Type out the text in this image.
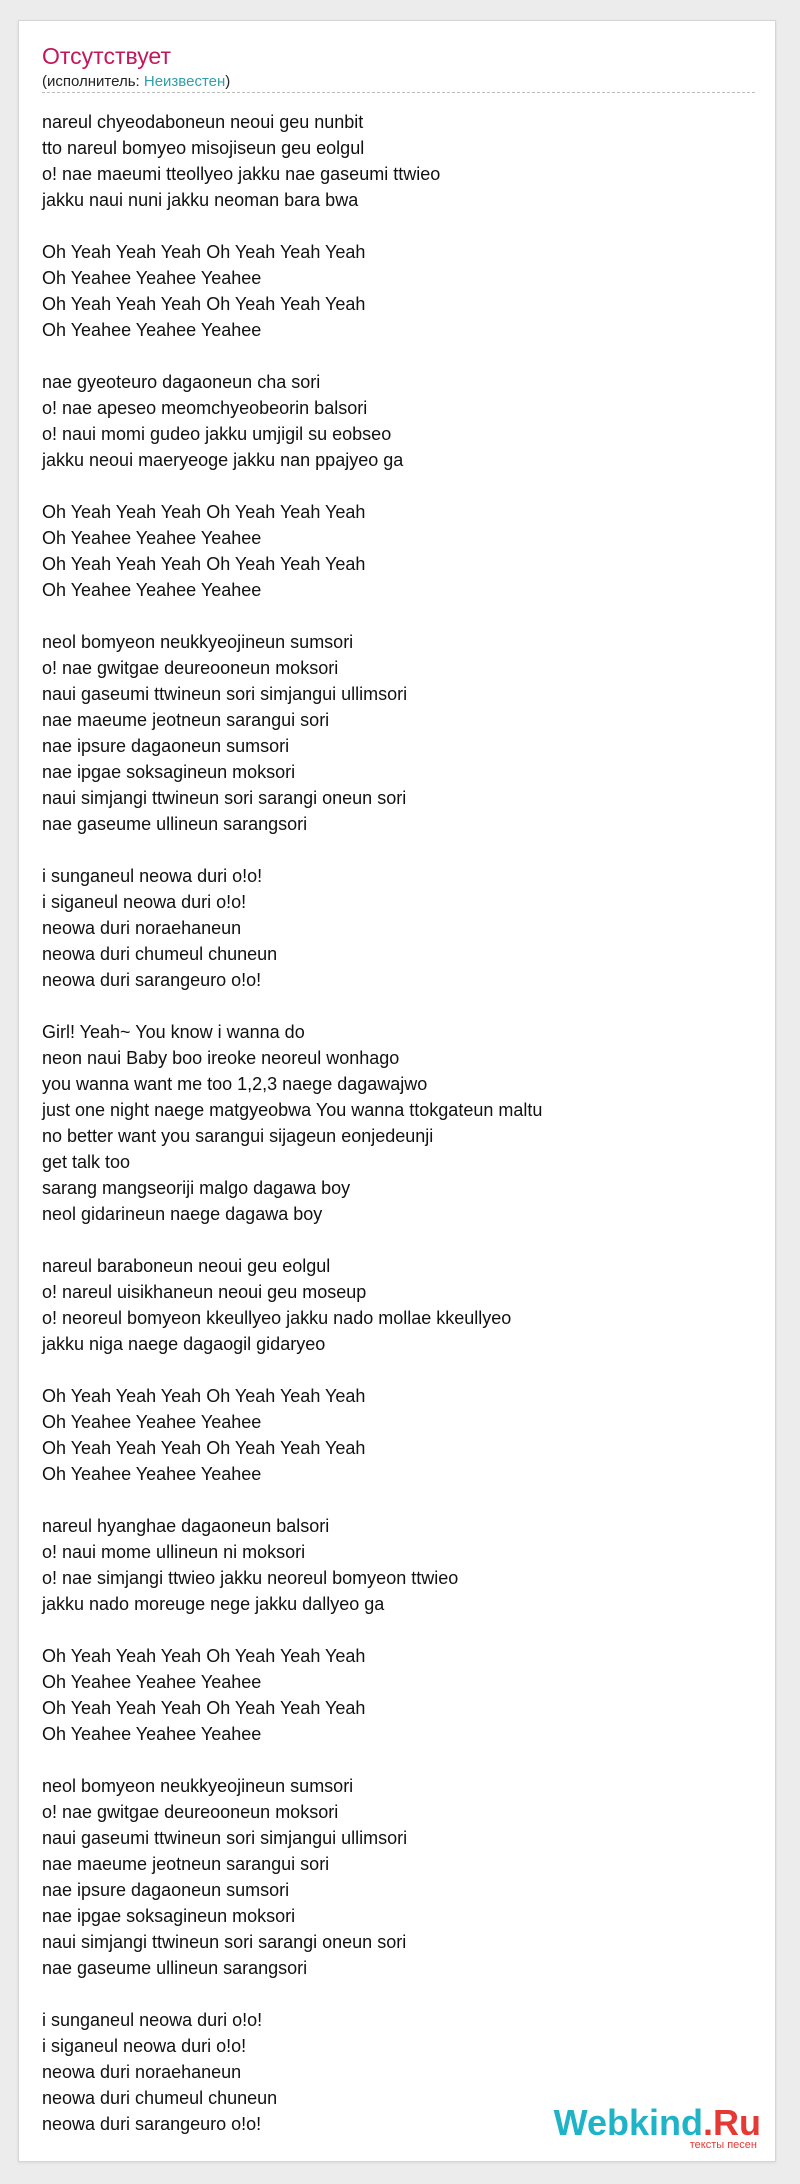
Отсутствует
(исполнитель: Неизвестен)
nareul chyeodaboneun neoui geu nunbit
tto nareul bomyeo misojiseun geu eolgul
o! nae maeumi tteollyeo jakku nae gaseumi ttwieo
jakku naui nuni jakku neoman bara bwa
Oh Yeah Yeah Yeah Oh Yeah Yeah Yeah
Oh Yeahee Yeahee Yeahee
Oh Yeah Yeah Yeah Oh Yeah Yeah Yeah
Oh Yeahee Yeahee Yeahee
nae gyeoteuro dagaoneun cha sori
o! nae apeseo meomchyeobeorin balsori
o! naui momi gudeo jakku umjigil su eobseo
jakku neoui maeryeoge jakku nan ppajyeo ga
Oh Yeah Yeah Yeah Oh Yeah Yeah Yeah
Oh Yeahee Yeahee Yeahee
Oh Yeah Yeah Yeah Oh Yeah Yeah Yeah
Oh Yeahee Yeahee Yeahee
neol bomyeon neukkyeojineun sumsori
o! nae gwitgae deureooneun moksori
naui gaseumi ttwineun sori simjangui ullimsori
nae maeume jeotneun sarangui sori
nae ipsure dagaoneun sumsori
nae ipgae soksagineun moksori
naui simjangi ttwineun sori sarangi oneun sori
nae gaseume ullineun sarangsori
i sunganeul neowa duri o!o!
i siganeul neowa duri o!o!
neowa duri noraehaneun
neowa duri chumeul chuneun
neowa duri sarangeuro o!o!
Girl! Yeah~ You know i wanna do
neon naui Baby boo ireoke neoreul wonhago
you wanna want me too 1,2,3 naege dagawajwo
just one night naege matgyeobwa You wanna ttokgateun maltu
no better want you sarangui sijageun eonjedeunji
get talk too
sarang mangseoriji malgo dagawa boy
neol gidarineun naege dagawa boy
nareul baraboneun neoui geu eolgul
o! nareul uisikhaneun neoui geu moseup
o! neoreul bomyeon kkeullyeo jakku nado mollae kkeullyeo
jakku niga naege dagaogil gidaryeo
Oh Yeah Yeah Yeah Oh Yeah Yeah Yeah
Oh Yeahee Yeahee Yeahee
Oh Yeah Yeah Yeah Oh Yeah Yeah Yeah
Oh Yeahee Yeahee Yeahee
nareul hyanghae dagaoneun balsori
o! naui mome ullineun ni moksori
o! nae simjangi ttwieo jakku neoreul bomyeon ttwieo
jakku nado moreuge nege jakku dallyeo ga
Oh Yeah Yeah Yeah Oh Yeah Yeah Yeah
Oh Yeahee Yeahee Yeahee
Oh Yeah Yeah Yeah Oh Yeah Yeah Yeah
Oh Yeahee Yeahee Yeahee
neol bomyeon neukkyeojineun sumsori
o! nae gwitgae deureooneun moksori
naui gaseumi ttwineun sori simjangui ullimsori
nae maeume jeotneun sarangui sori
nae ipsure dagaoneun sumsori
nae ipgae soksagineun moksori
naui simjangi ttwineun sori sarangi oneun sori
nae gaseume ullineun sarangsori
i sunganeul neowa duri o!o!
i siganeul neowa duri o!o!
neowa duri noraehaneun
neowa duri chumeul chuneun
neowa duri sarangeuro o!o!	Webkind.Ru
тексты песен
